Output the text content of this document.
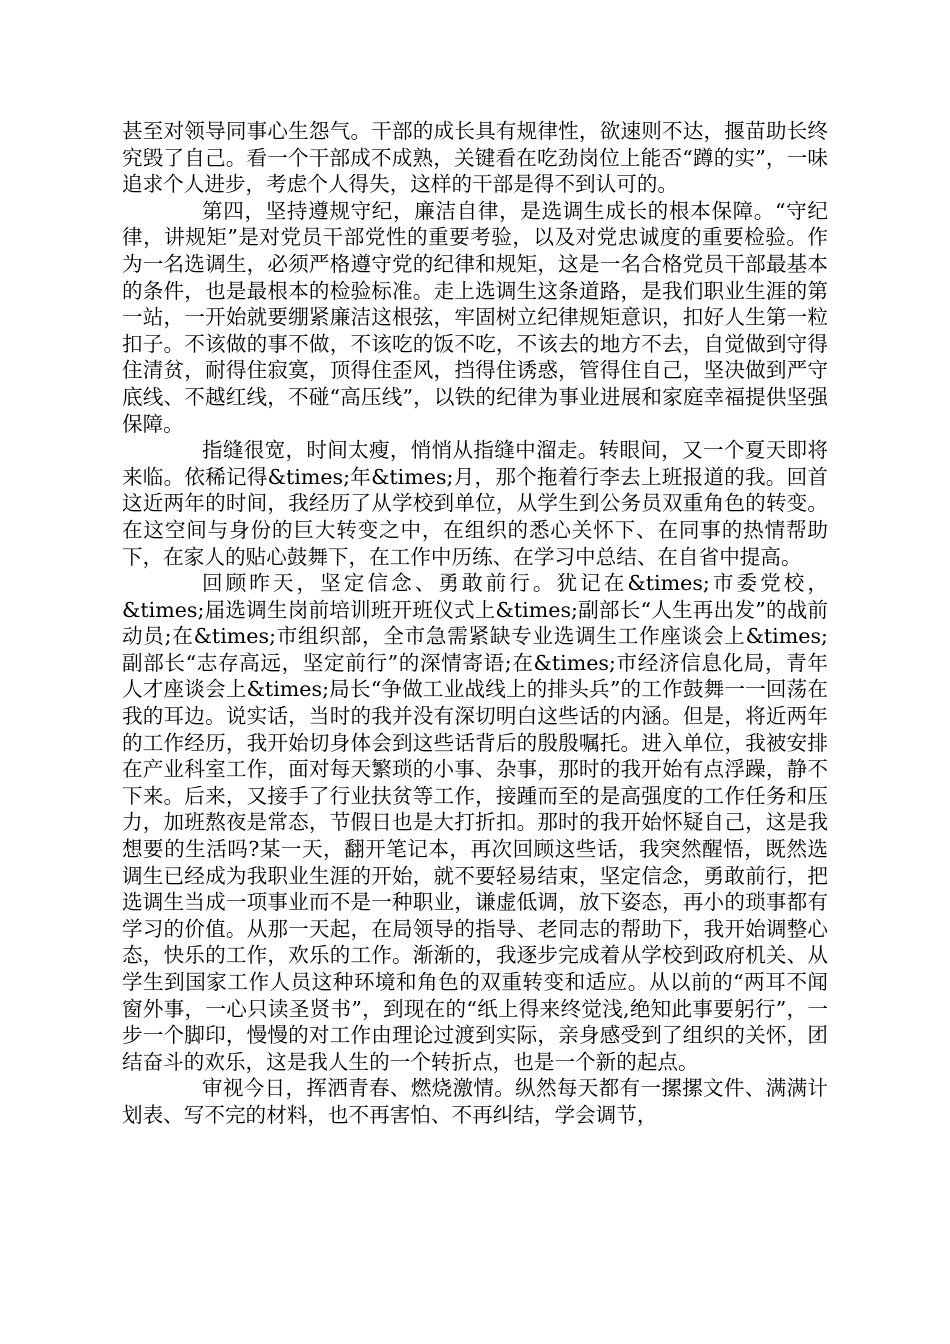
甚至对领导同事心生怨气。干部的成长具有规律性，欲速则不达，揠苗助长终究毁了自己。看一个干部成不成熟，关键看在吃劲岗位上能否“蹲的实”，一味追求个人进步，考虑个人得失，这样的干部是得不到认可的。

第四，坚持遵规守纪，廉洁自律，是选调生成长的根本保障。“守纪律，讲规矩”是对党员干部党性的重要考验，以及对党忠诚度的重要检验。作为一名选调生，必须严格遵守党的纪律和规矩，这是一名合格党员干部最基本的条件，也是最根本的检验标准。走上选调生这条道路，是我们职业生涯的第一站，一开始就要绷紧廉洁这根弦，牢固树立纪律规矩意识，扣好人生第一粒扣子。不该做的事不做，不该吃的饭不吃，不该去的地方不去，自觉做到守得住清贫，耐得住寂寞，顶得住歪风，挡得住诱惑，管得住自己，坚决做到严守底线、不越红线，不碰“高压线”，以铁的纪律为事业进展和家庭幸福提供坚强保障。

指缝很宽，时间太瘦，悄悄从指缝中溜走。转眼间，又一个夏天即将来临。依稀记得&times;年&times;月，那个拖着行李去上班报道的我。回首这近两年的时间，我经历了从学校到单位，从学生到公务员双重角色的转变。在这空间与身份的巨大转变之中，在组织的悉心关怀下、在同事的热情帮助下，在家人的贴心鼓舞下，在工作中历练、在学习中总结、在自省中提高。

回顾昨天，坚定信念、勇敢前行。犹记在&times;市委党校，&times;届选调生岗前培训班开班仪式上&times;副部长“人生再出发”的战前动员;在&times;市组织部，全市急需紧缺专业选调生工作座谈会上&times;副部长“志存高远，坚定前行”的深情寄语;在&times;市经济信息化局，青年人才座谈会上&times;局长“争做工业战线上的排头兵”的工作鼓舞一一回荡在我的耳边。说实话，当时的我并没有深切明白这些话的内涵。但是，将近两年的工作经历，我开始切身体会到这些话背后的殷殷嘱托。进入单位，我被安排在产业科室工作，面对每天繁琐的小事、杂事，那时的我开始有点浮躁，静不下来。后来，又接手了行业扶贫等工作，接踵而至的是高强度的工作任务和压力，加班熬夜是常态，节假日也是大打折扣。那时的我开始怀疑自己，这是我想要的生活吗?某一天，翻开笔记本，再次回顾这些话，我突然醒悟，既然选调生已经成为我职业生涯的开始，就不要轻易结束，坚定信念，勇敢前行，把选调生当成一项事业而不是一种职业，谦虚低调，放下姿态，再小的琐事都有学习的价值。从那一天起，在局领导的指导、老同志的帮助下，我开始调整心态，快乐的工作，欢乐的工作。渐渐的，我逐步完成着从学校到政府机关、从学生到国家工作人员这种环境和角色的双重转变和适应。从以前的“两耳不闻窗外事，一心只读圣贤书”，到现在的“纸上得来终觉浅,绝知此事要躬行”，一步一个脚印，慢慢的对工作由理论过渡到实际，亲身感受到了组织的关怀，团结奋斗的欢乐，这是我人生的一个转折点，也是一个新的起点。

审视今日，挥洒青春、燃烧激情。纵然每天都有一摞摞文件、满满计划表、写不完的材料，也不再害怕、不再纠结，学会调节，
